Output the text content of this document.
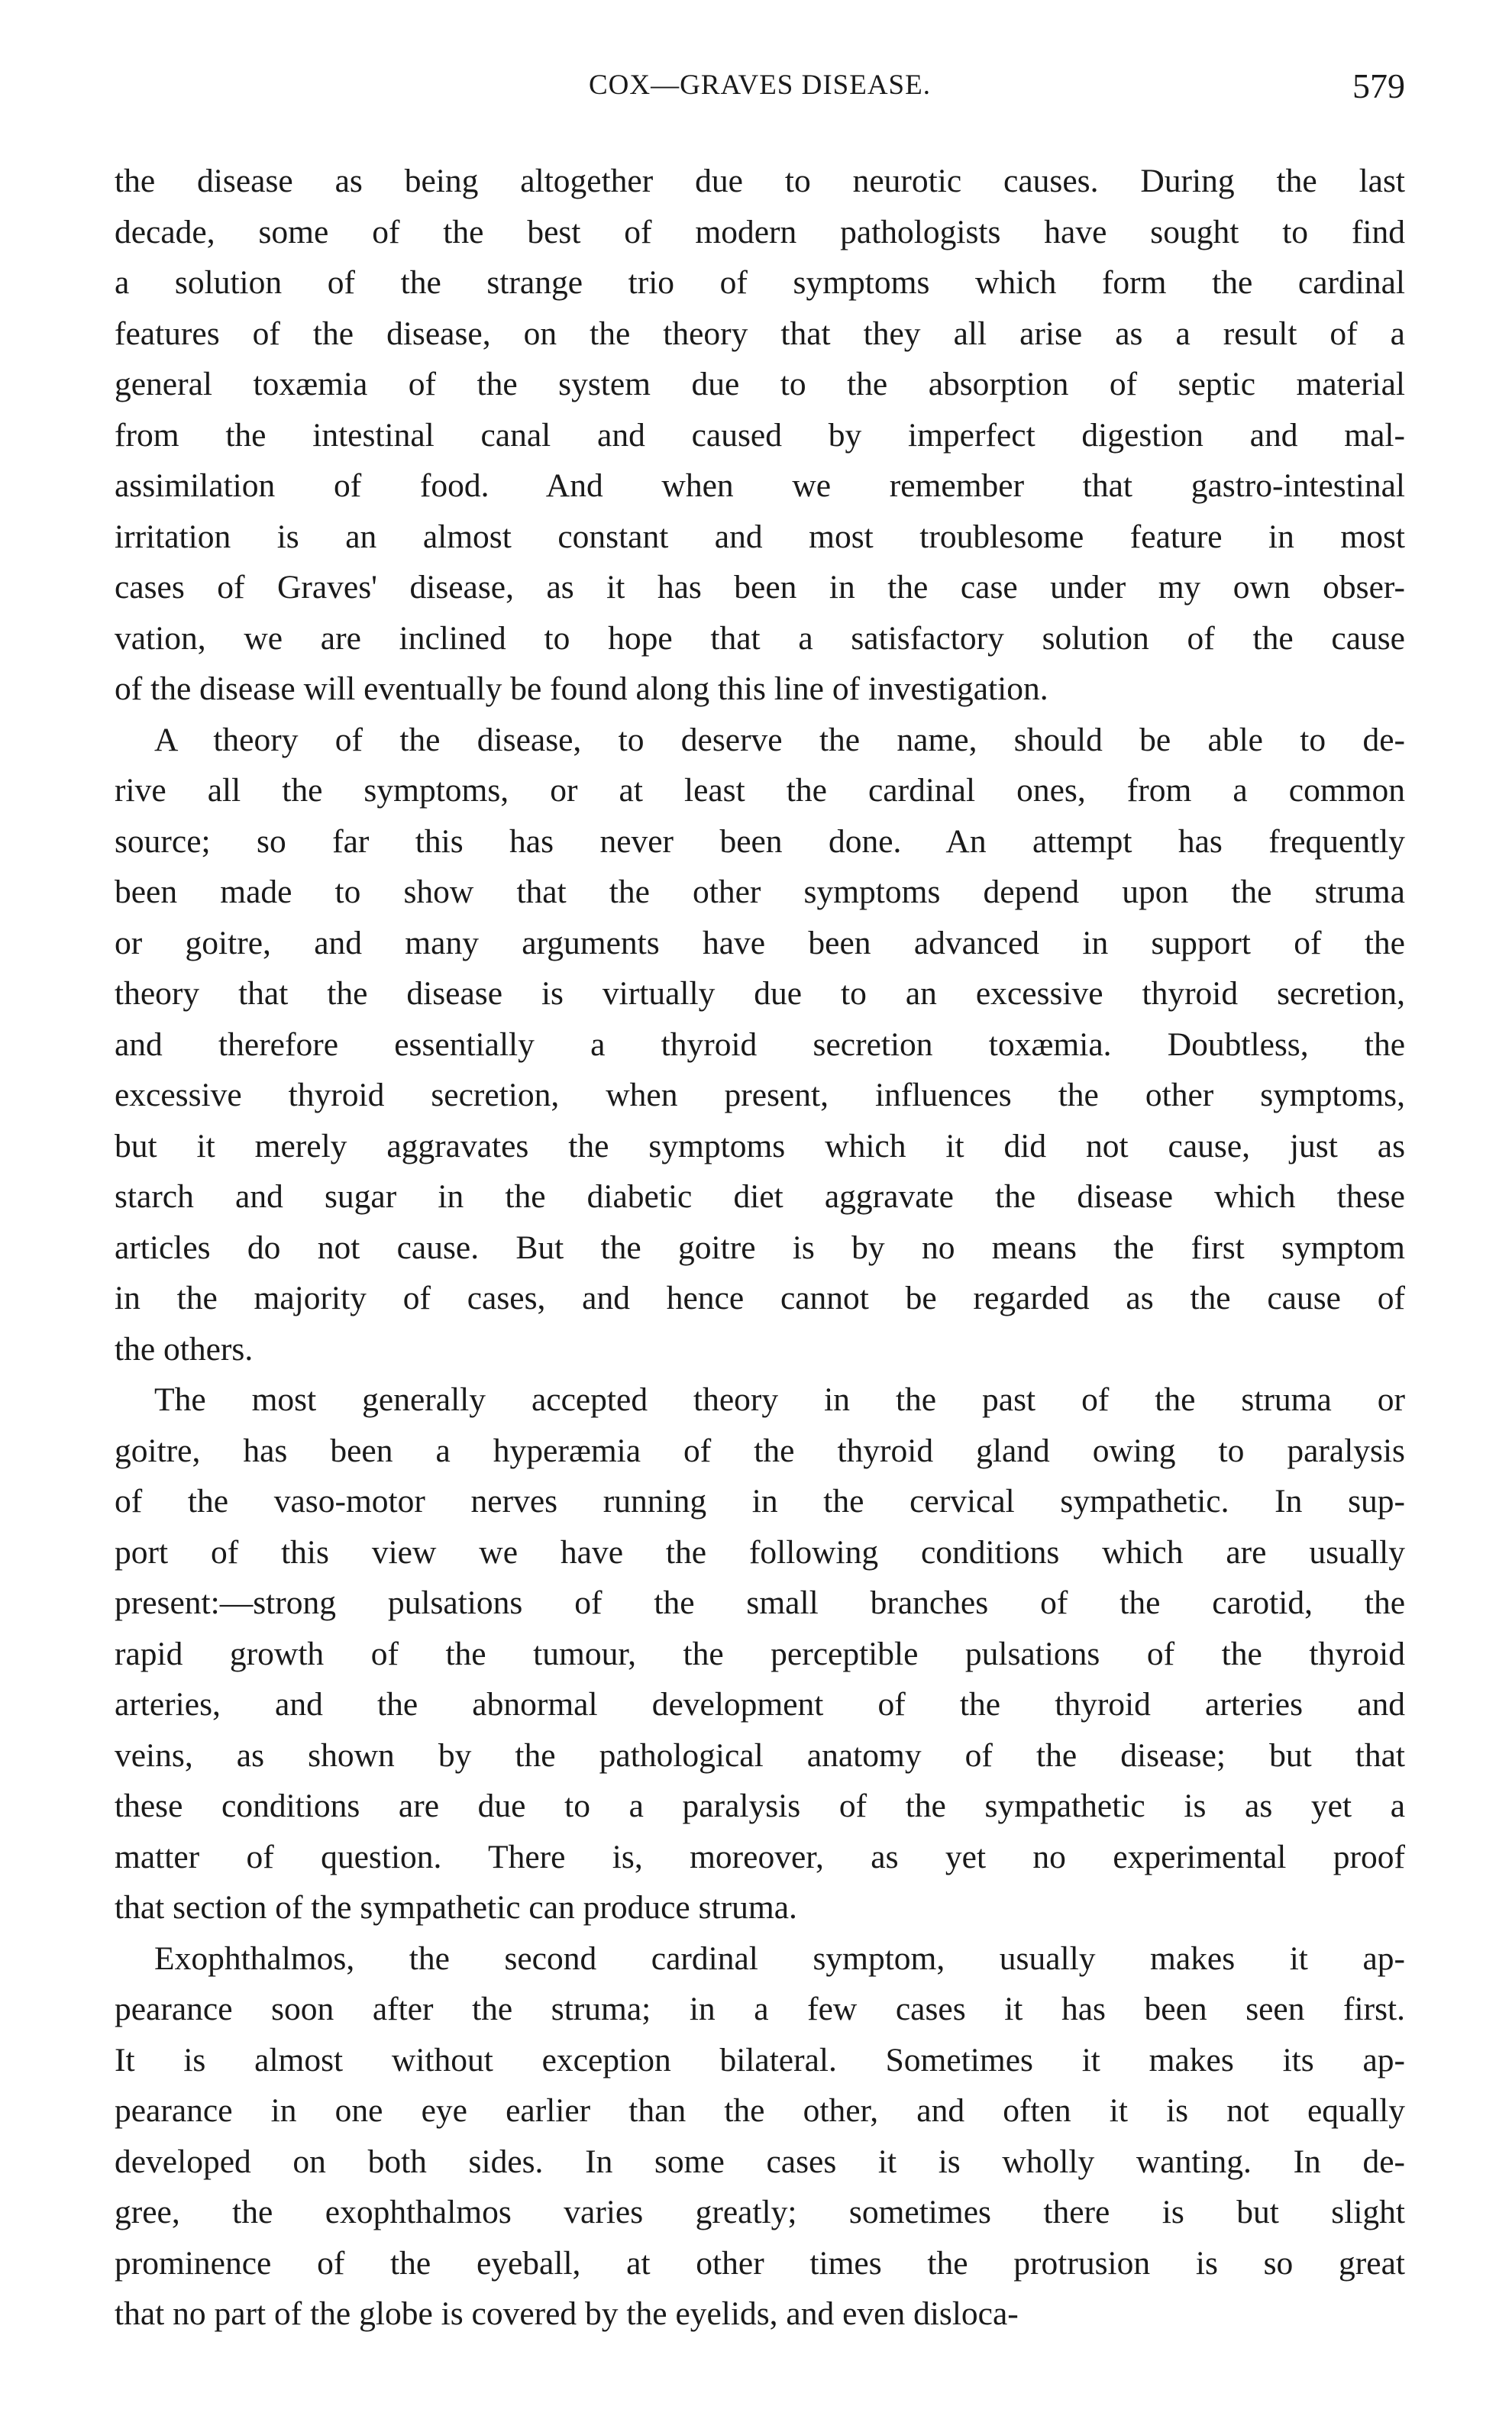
COX—GRAVES DISEASE.	579

the disease as being altogether due to neurotic causes. During the last
decade, some of the best of modern pathologists have sought to find
a solution of the strange trio of symptoms which form the cardinal
features of the disease, on the theory that they all arise as a result of a
general toxæmia of the system due to the absorption of septic material
from the intestinal canal and caused by imperfect digestion and mal-
assimilation of food. And when we remember that gastro-intestinal
irritation is an almost constant and most troublesome feature in most
cases of Graves' disease, as it has been in the case under my own obser-
vation, we are inclined to hope that a satisfactory solution of the cause
of the disease will eventually be found along this line of investigation.

A theory of the disease, to deserve the name, should be able to de-
rive all the symptoms, or at least the cardinal ones, from a common
source; so far this has never been done. An attempt has frequently
been made to show that the other symptoms depend upon the struma
or goitre, and many arguments have been advanced in support of the
theory that the disease is virtually due to an excessive thyroid secretion,
and therefore essentially a thyroid secretion toxæmia. Doubtless, the
excessive thyroid secretion, when present, influences the other symptoms,
but it merely aggravates the symptoms which it did not cause, just as
starch and sugar in the diabetic diet aggravate the disease which these
articles do not cause. But the goitre is by no means the first symptom
in the majority of cases, and hence cannot be regarded as the cause of
the others.

The most generally accepted theory in the past of the struma or
goitre, has been a hyperæmia of the thyroid gland owing to paralysis
of the vaso-motor nerves running in the cervical sympathetic. In sup-
port of this view we have the following conditions which are usually
present:—strong pulsations of the small branches of the carotid, the
rapid growth of the tumour, the perceptible pulsations of the thyroid
arteries, and the abnormal development of the thyroid arteries and
veins, as shown by the pathological anatomy of the disease; but that
these conditions are due to a paralysis of the sympathetic is as yet a
matter of question. There is, moreover, as yet no experimental proof
that section of the sympathetic can produce struma.

Exophthalmos, the second cardinal symptom, usually makes it ap-
pearance soon after the struma; in a few cases it has been seen first.
It is almost without exception bilateral. Sometimes it makes its ap-
pearance in one eye earlier than the other, and often it is not equally
developed on both sides. In some cases it is wholly wanting. In de-
gree, the exophthalmos varies greatly; sometimes there is but slight
prominence of the eyeball, at other times the protrusion is so great
that no part of the globe is covered by the eyelids, and even disloca-
